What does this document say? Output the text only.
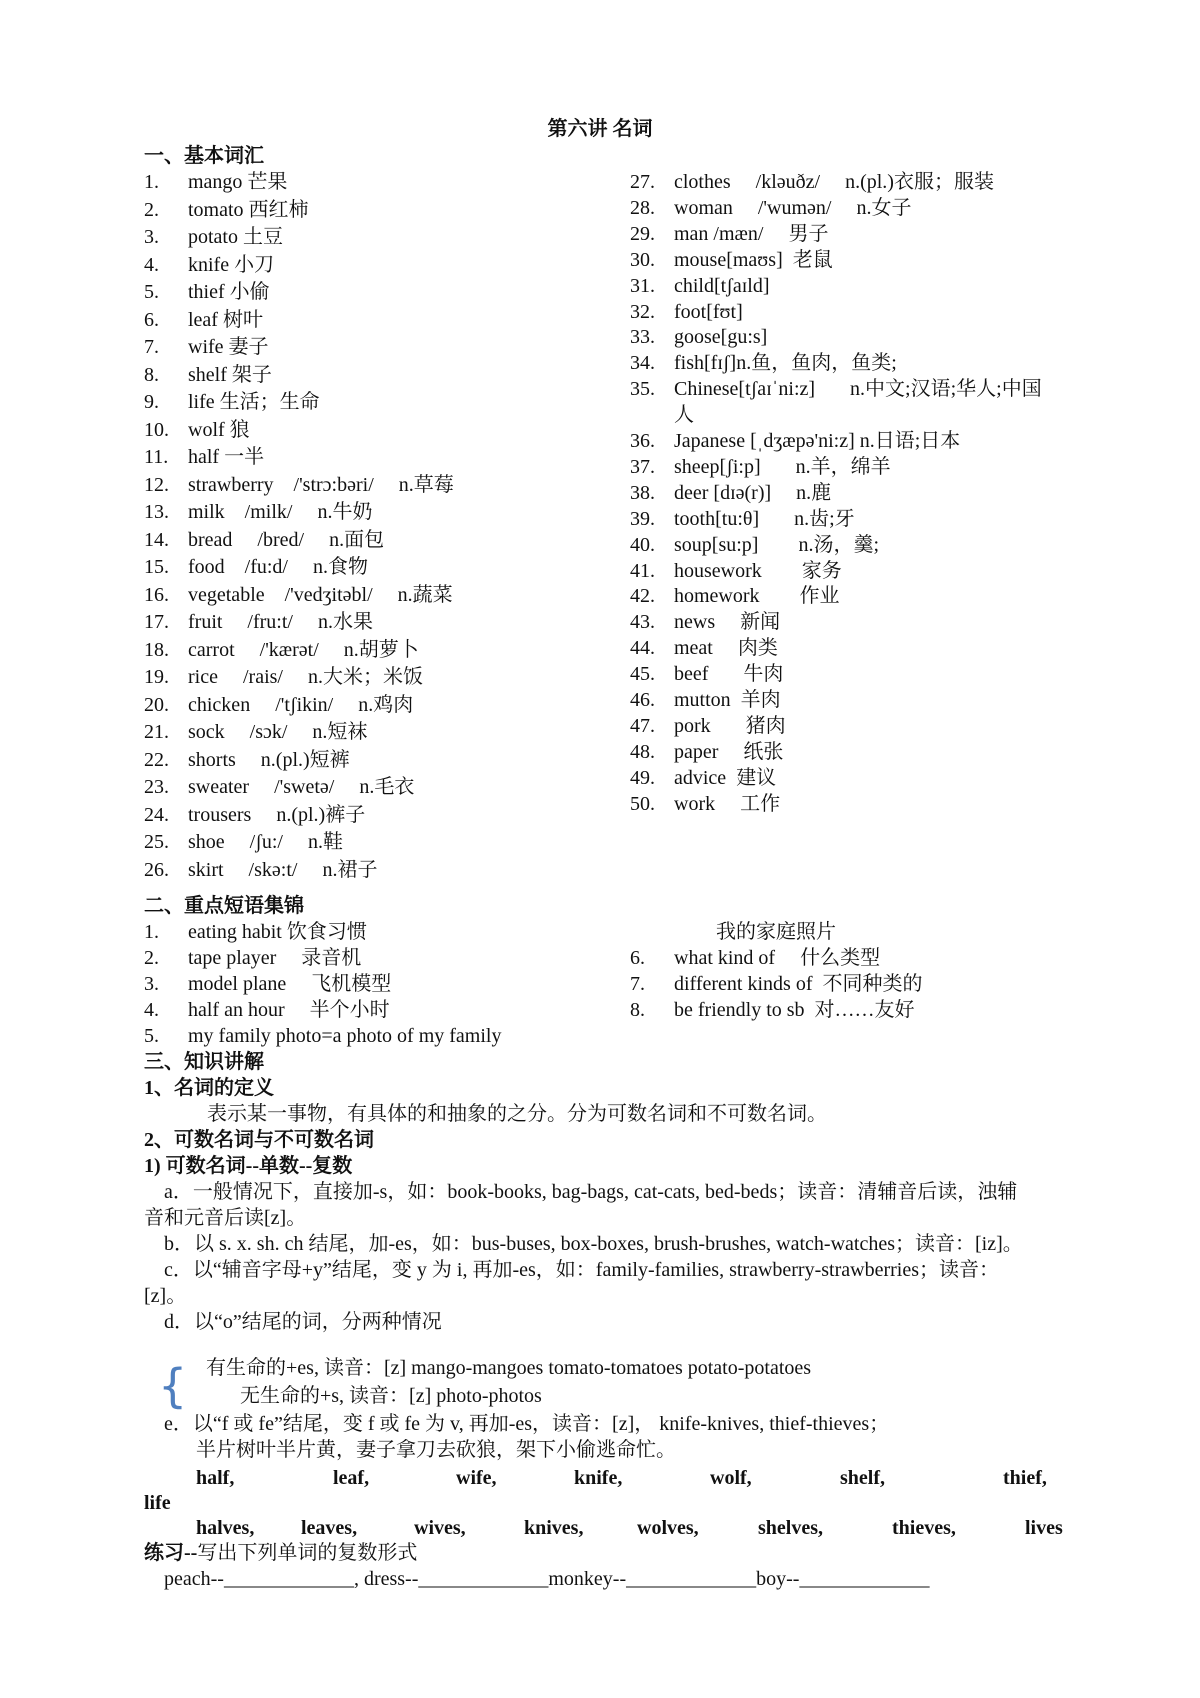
第六讲 名词
一、基本词汇
1. mango 芒果
2. tomato 西红柿
3. potato 土豆
4. knife 小刀
5. thief 小偷
6. leaf 树叶
7. wife 妻子
8. shelf 架子
9. life 生活；生命
10. wolf 狼
11. half 一半
12. strawberry    /'strɔ:bəri/     n.草莓
13. milk    /milk/     n.牛奶
14. bread     /bred/     n.面包
15. food    /fu:d/     n.食物
16. vegetable    /'vedʒitəbl/     n.蔬菜
17. fruit     /fru:t/     n.水果
18. carrot     /'kærət/     n.胡萝卜
19. rice     /rais/     n.大米；米饭
20. chicken     /'tʃikin/     n.鸡肉
21. sock     /sɔk/     n.短袜
22. shorts     n.(pl.)短裤
23. sweater     /'swetə/     n.毛衣
24. trousers     n.(pl.)裤子
25. shoe     /ʃu:/     n.鞋
26. skirt     /skə:t/     n.裙子
27. clothes     /kləuðz/     n.(pl.)衣服；服装
28. woman     /'wumən/     n.女子
29. man /mæn/     男子
30. mouse[maʊs]  老鼠
31. child[tʃaɪld]
32. foot[fʊt]
33. goose[gu:s]
34. fish[fɪʃ]n.鱼，鱼肉，鱼类;
35. Chinese[tʃaɪˈni:z]       n.中文;汉语;华人;中国
人
36. Japanese [ˌdʒæpə'ni:z] n.日语;日本
37. sheep[ʃi:p]       n.羊，绵羊
38. deer [dɪə(r)]     n.鹿
39. tooth[tu:θ]       n.齿;牙
40. soup[su:p]        n.汤，羹;
41. housework        家务
42. homework        作业
43. news     新闻
44. meat     肉类
45. beef       牛肉
46. mutton  羊肉
47. pork       猪肉
48. paper     纸张
49. advice  建议
50. work     工作
二、重点短语集锦
1. eating habit 饮食习惯
2. tape player     录音机
3. model plane     飞机模型
4. half an hour     半个小时
5. my family photo=a photo of my family
我的家庭照片
6. what kind of     什么类型
7. different kinds of  不同种类的
8. be friendly to sb  对……友好
三、知识讲解
1、名词的定义
表示某一事物，有具体的和抽象的之分。分为可数名词和不可数名词。
2、可数名词与不可数名词
1) 可数名词--单数--复数
a．一般情况下，直接加-s，如：book-books, bag-bags, cat-cats, bed-beds；读音：清辅音后读，浊辅
音和元音后读[z]。
b．以 s. x. sh. ch 结尾，加-es，如：bus-buses, box-boxes, brush-brushes, watch-watches；读音：[iz]。
c．以“辅音字母+y”结尾，变 y 为 i, 再加-es，如：family-families, strawberry-strawberries；读音：
[z]。
d．以“o”结尾的词，分两种情况
{ 有生命的+es, 读音：[z] mango-mangoes tomato-tomatoes potato-potatoes
无生命的+s, 读音：[z] photo-photos
e．以“f 或 fe”结尾，变 f 或 fe 为 v, 再加-es，读音：[z]， knife-knives, thief-thieves；
半片树叶半片黄，妻子拿刀去砍狼，架下小偷逃命忙。
half,	leaf,	wife,	knife,	wolf,	shelf,	thief,
life
halves, leaves,	wives,	knives,	wolves,	shelves,	thieves,	lives
练习--写出下列单词的复数形式
peach--_____________, dress--_____________monkey--_____________boy--_____________
